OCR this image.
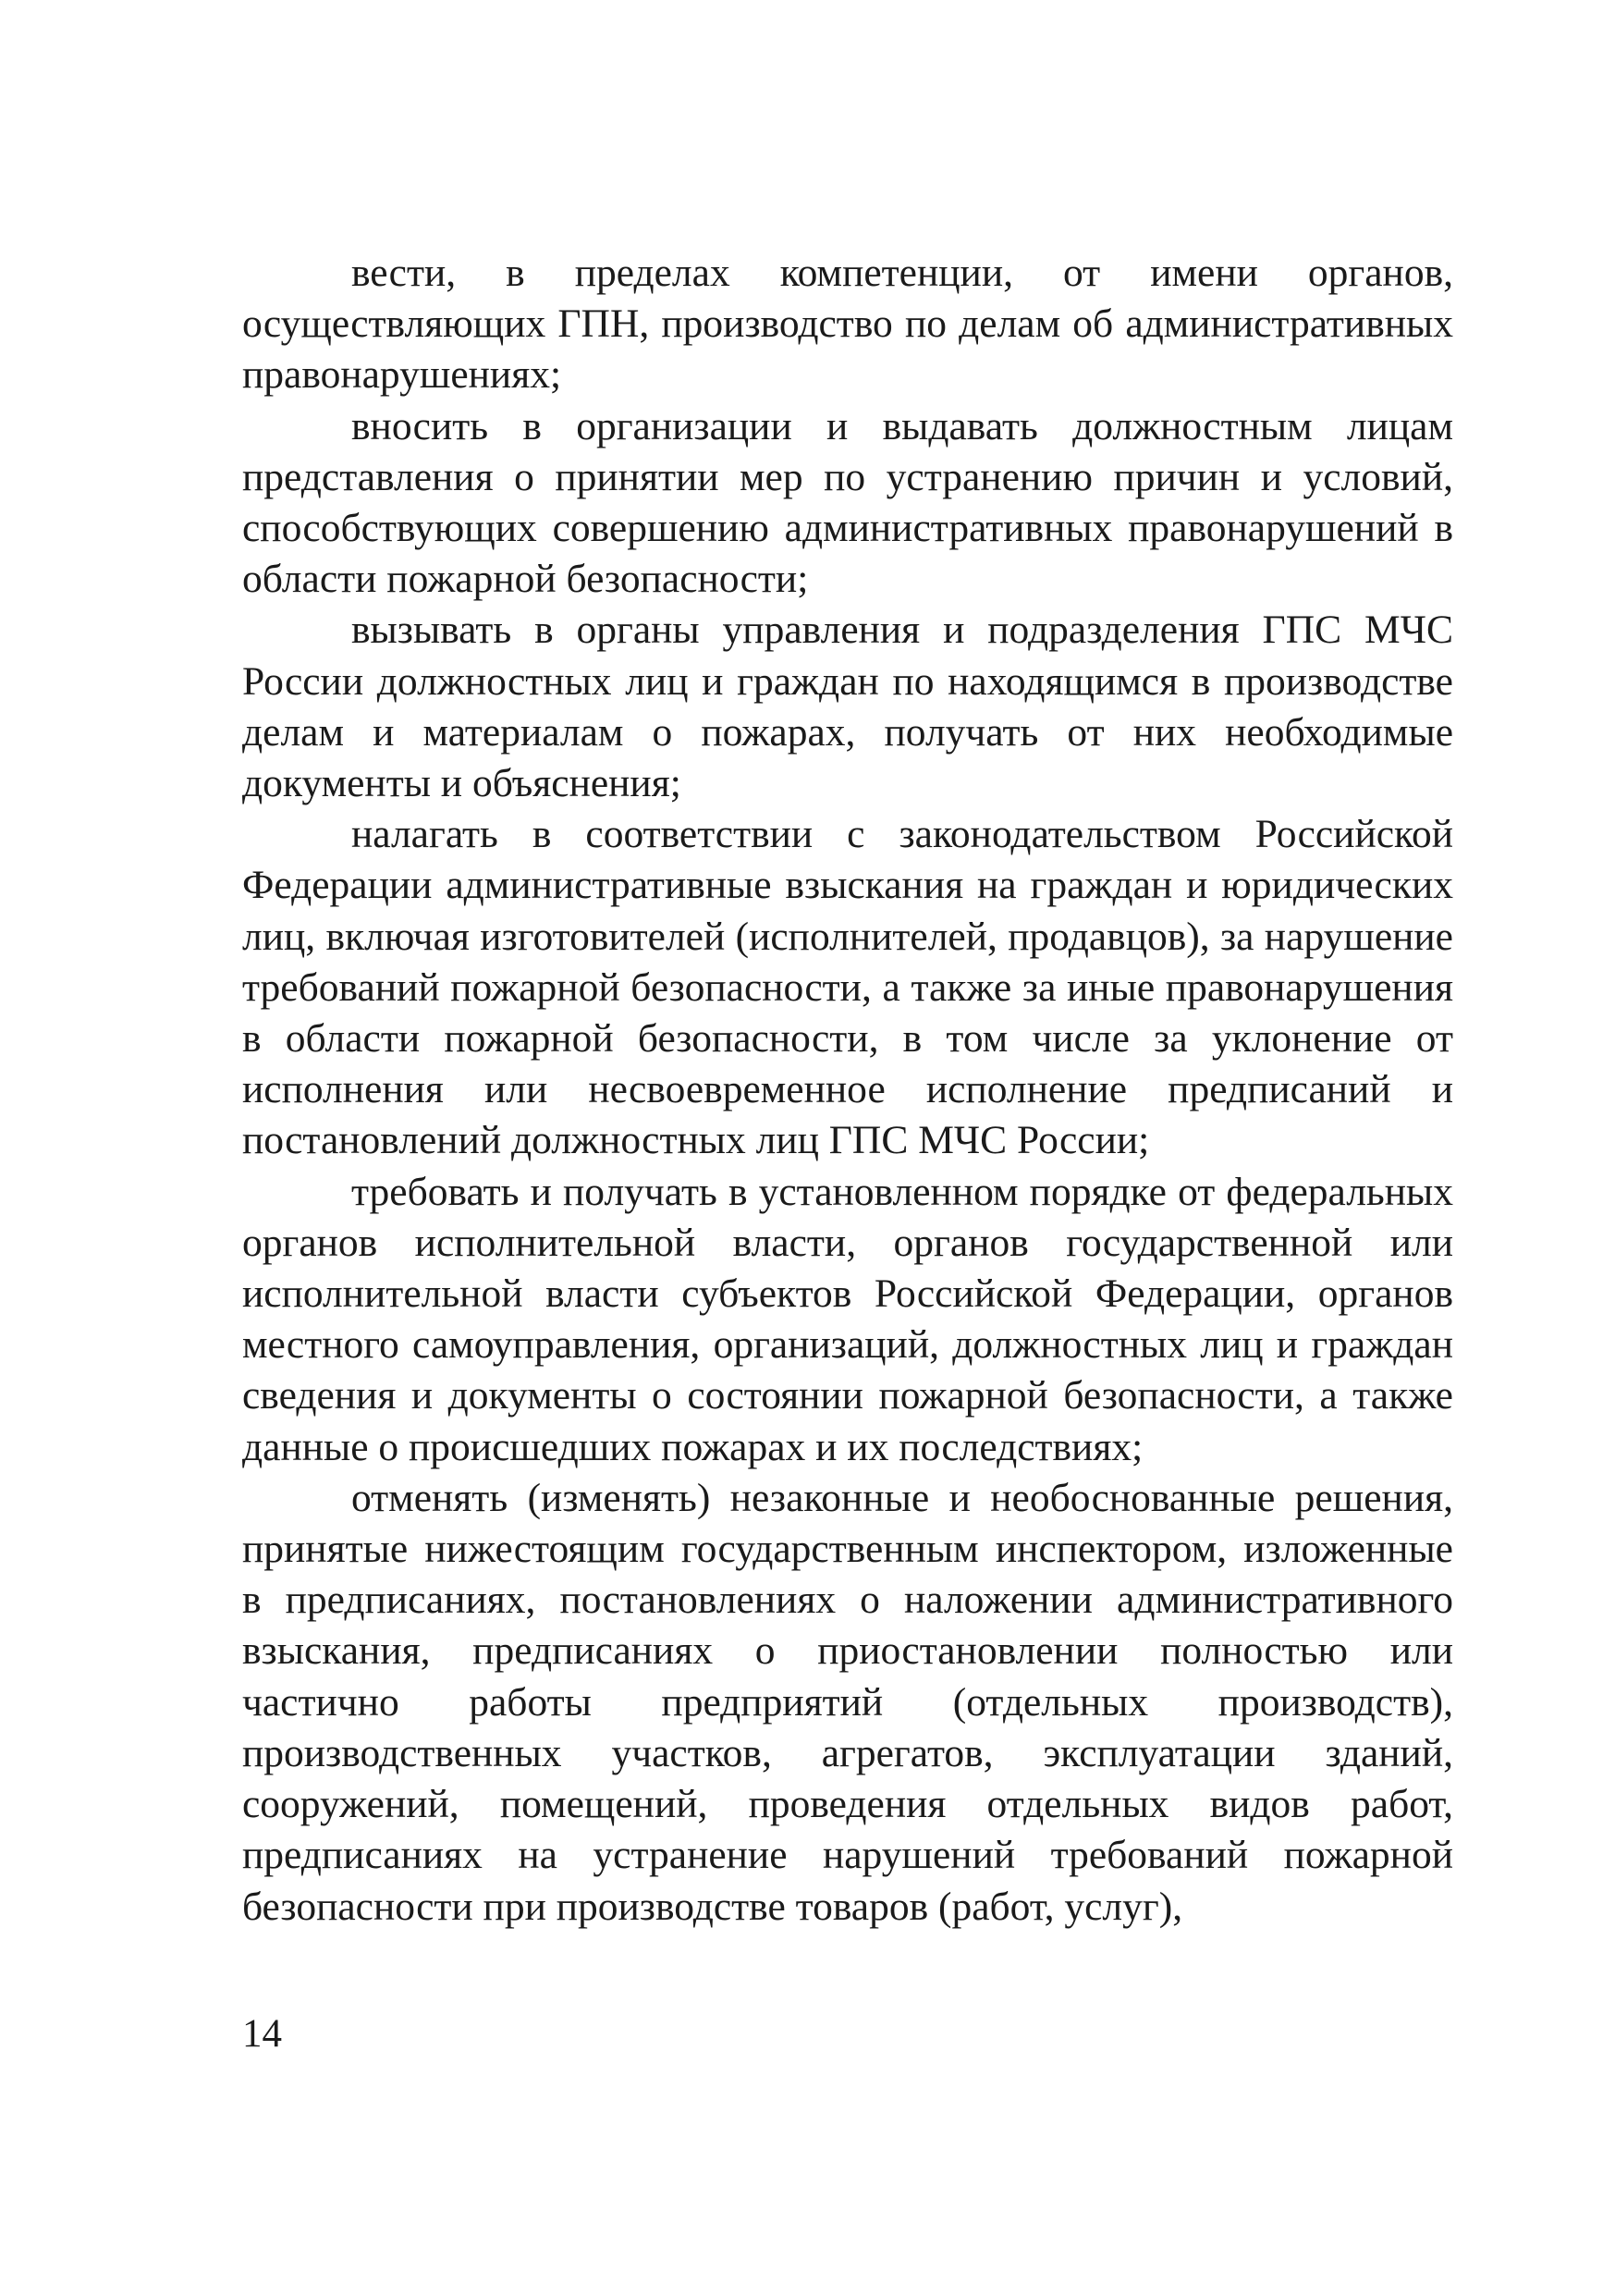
вести, в пределах компетенции, от имени органов, осуществляющих ГПН, производство по делам об административных правонарушениях;

вносить в организации и выдавать должностным лицам представления о принятии мер по устранению причин и условий, способствующих совершению административных правонарушений в области пожарной безопасности;

вызывать в органы управления и подразделения ГПС МЧС России должностных лиц и граждан по находящимся в производстве делам и материалам о пожарах, получать от них необходимые документы и объяснения;

налагать в соответствии с законодательством Российской Федерации административные взыскания на граждан и юридических лиц, включая изготовителей (исполнителей, продавцов), за нарушение требований пожарной безопасности, а также за иные правонарушения в области пожарной безопасности, в том числе за уклонение от исполнения или несвоевременное исполнение предписаний и постановлений должностных лиц ГПС МЧС России;

требовать и получать в установленном порядке от федеральных органов исполнительной власти, органов государственной или исполнительной власти субъектов Российской Федерации, органов местного самоуправления, организаций, должностных лиц и граждан сведения и документы о состоянии пожарной безопасности, а также данные о происшедших пожарах и их последствиях;

отменять (изменять) незаконные и необоснованные решения, принятые нижестоящим государственным инспектором, изложенные в предписаниях, постановлениях о наложении административного взыскания, предписаниях о приостановлении полностью или частично работы предприятий (отдельных производств), производственных участков, агрегатов, эксплуатации зданий, сооружений, помещений, проведения отдельных видов работ, предписаниях на устранение нарушений требований пожарной безопасности при производстве товаров (работ, услуг),

14
